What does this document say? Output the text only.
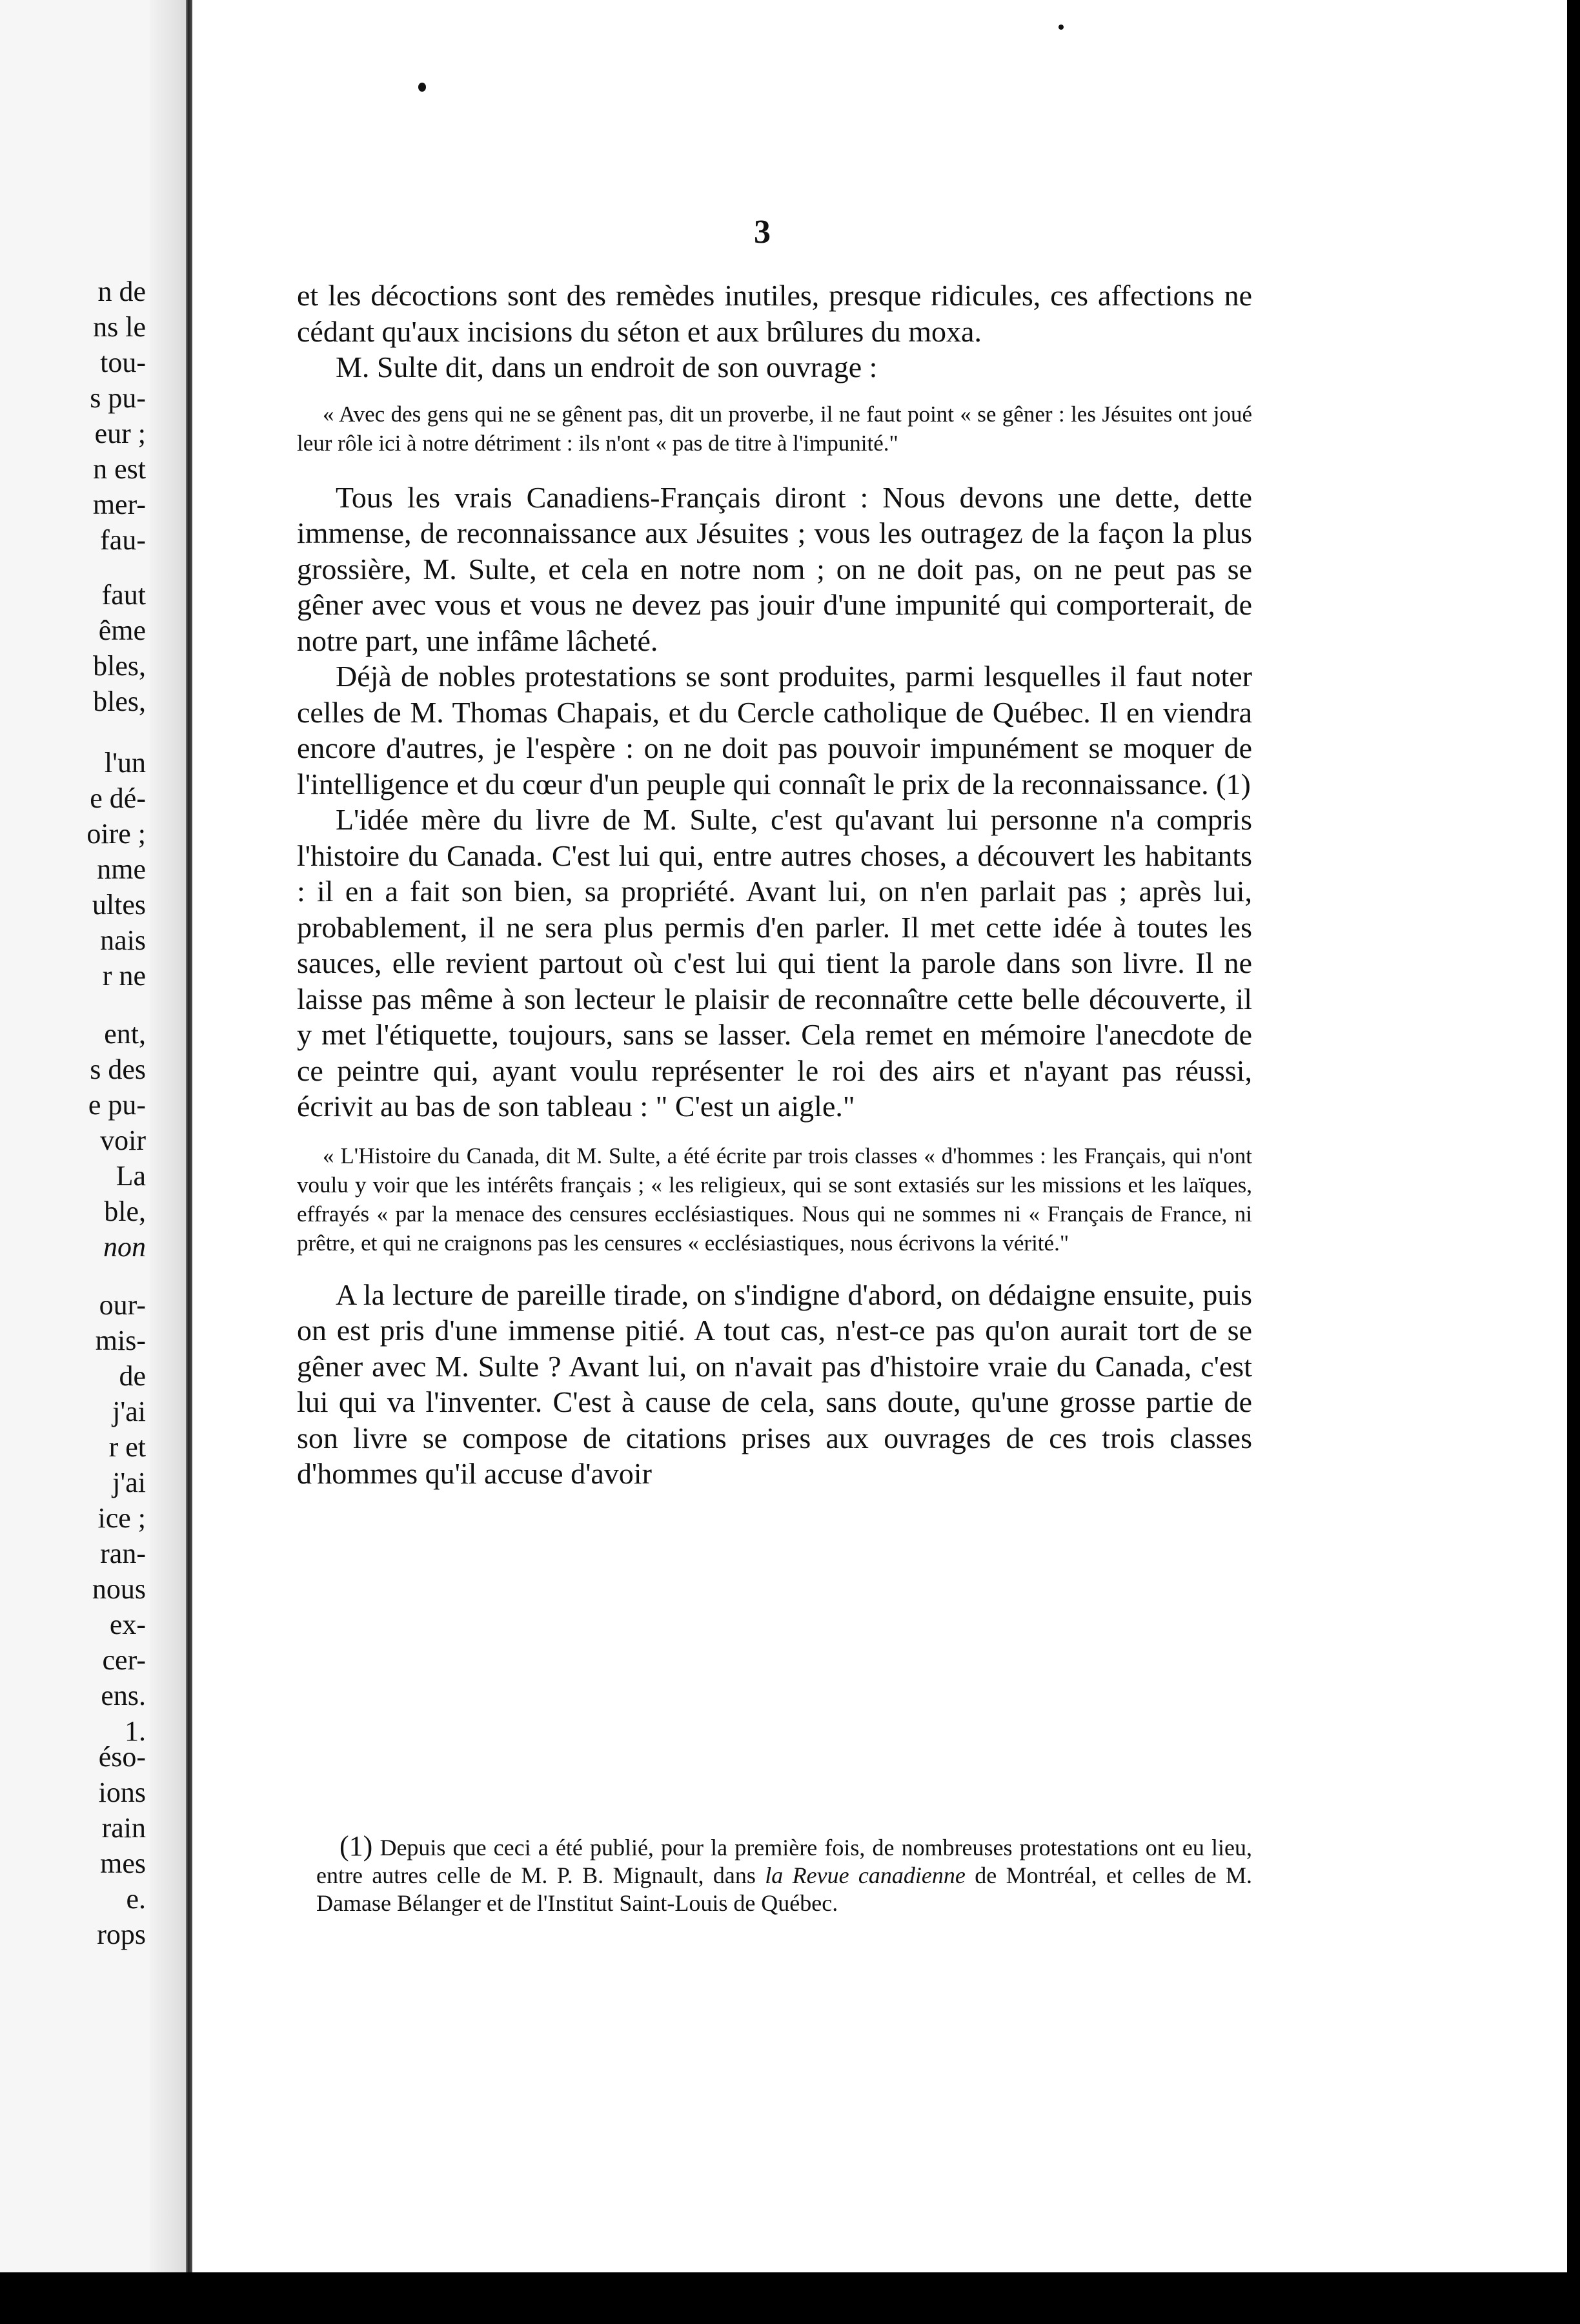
n de
ns le
tou-
s pu-
eur ;
n est
mer-
fau-
faut
ême
bles,
bles,
l'un
e dé-
oire ;
nme
ultes
nais
r ne
ent,
s des
e pu-
voir
La
ble,
non
our-
mis-
de
j'ai
r et
j'ai
ice ;
ran-
nous
ex-
cer-
ens.
1.
éso-
ions
rain
mes
e.
rops
3

et les décoctions sont des remèdes inutiles, presque ridicules, ces affections ne cédant qu'aux incisions du séton et aux brûlures du moxa.

M. Sulte dit, dans un endroit de son ouvrage :

« Avec des gens qui ne se gênent pas, dit un proverbe, il ne faut point « se gêner : les Jésuites ont joué leur rôle ici à notre détriment : ils n'ont « pas de titre à l'impunité."

Tous les vrais Canadiens-Français diront : Nous devons une dette, dette immense, de reconnaissance aux Jésuites ; vous les outragez de la façon la plus grossière, M. Sulte, et cela en notre nom ; on ne doit pas, on ne peut pas se gêner avec vous et vous ne devez pas jouir d'une impunité qui comporterait, de notre part, une infâme lâcheté.

Déjà de nobles protestations se sont produites, parmi lesquelles il faut noter celles de M. Thomas Chapais, et du Cercle catholique de Québec. Il en viendra encore d'autres, je l'espère : on ne doit pas pouvoir impunément se moquer de l'intelligence et du cœur d'un peuple qui connaît le prix de la reconnaissance. (1)

L'idée mère du livre de M. Sulte, c'est qu'avant lui personne n'a compris l'histoire du Canada. C'est lui qui, entre autres choses, a découvert les habitants : il en a fait son bien, sa propriété. Avant lui, on n'en parlait pas ; après lui, probablement, il ne sera plus permis d'en parler. Il met cette idée à toutes les sauces, elle revient partout où c'est lui qui tient la parole dans son livre. Il ne laisse pas même à son lecteur le plaisir de reconnaître cette belle découverte, il y met l'étiquette, toujours, sans se lasser. Cela remet en mémoire l'anecdote de ce peintre qui, ayant voulu représenter le roi des airs et n'ayant pas réussi, écrivit au bas de son tableau : " C'est un aigle."

« L'Histoire du Canada, dit M. Sulte, a été écrite par trois classes « d'hommes : les Français, qui n'ont voulu y voir que les intérêts français ; « les religieux, qui se sont extasiés sur les missions et les laïques, effrayés « par la menace des censures ecclésiastiques. Nous qui ne sommes ni « Français de France, ni prêtre, et qui ne craignons pas les censures « ecclésiastiques, nous écrivons la vérité."

A la lecture de pareille tirade, on s'indigne d'abord, on dédaigne ensuite, puis on est pris d'une immense pitié. A tout cas, n'est-ce pas qu'on aurait tort de se gêner avec M. Sulte ? Avant lui, on n'avait pas d'histoire vraie du Canada, c'est lui qui va l'inventer. C'est à cause de cela, sans doute, qu'une grosse partie de son livre se compose de citations prises aux ouvrages de ces trois classes d'hommes qu'il accuse d'avoir

(1) Depuis que ceci a été publié, pour la première fois, de nombreuses protestations ont eu lieu, entre autres celle de M. P. B. Mignault, dans la Revue canadienne de Montréal, et celles de M. Damase Bélanger et de l'Institut Saint-Louis de Québec.
